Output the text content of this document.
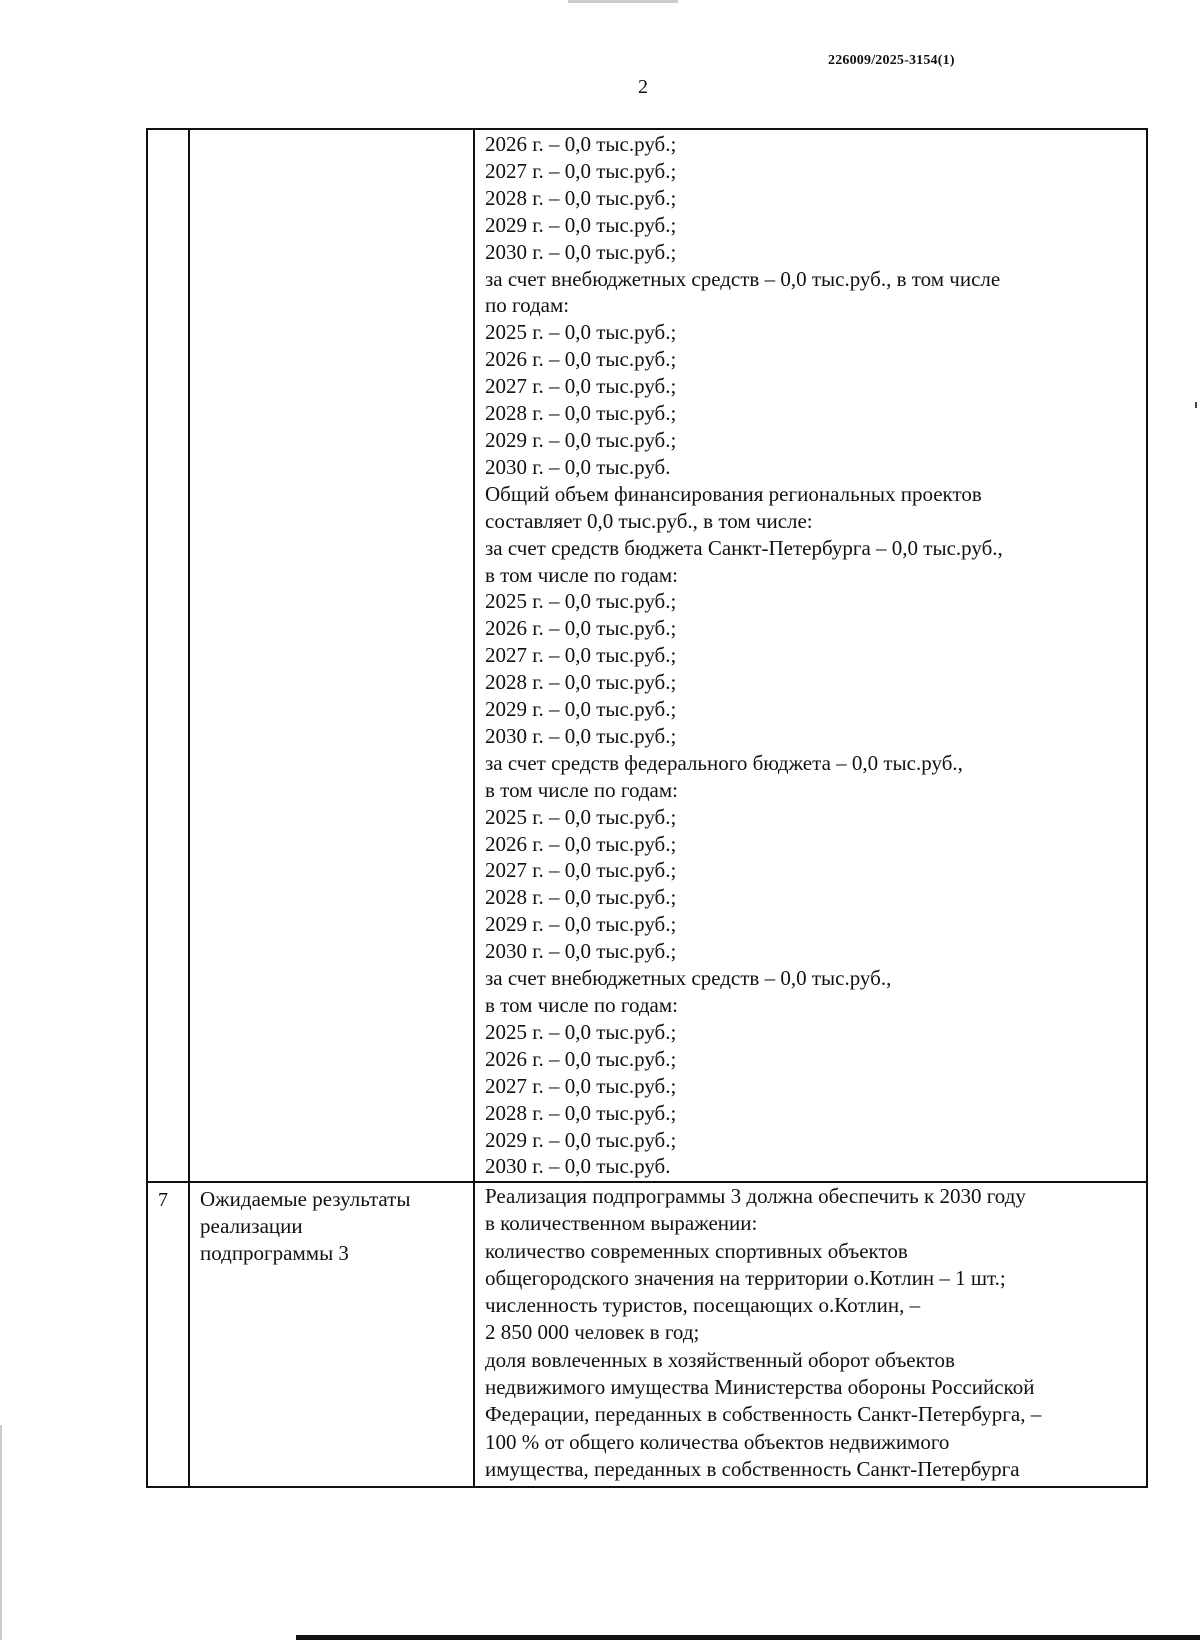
226009/2025-3154(1)
2
2026 г. – 0,0 тыс.руб.;
2027 г. – 0,0 тыс.руб.;
2028 г. – 0,0 тыс.руб.;
2029 г. – 0,0 тыс.руб.;
2030 г. – 0,0 тыс.руб.;
за счет внебюджетных средств – 0,0 тыс.руб., в том числе
по годам:
2025 г. – 0,0 тыс.руб.;
2026 г. – 0,0 тыс.руб.;
2027 г. – 0,0 тыс.руб.;
2028 г. – 0,0 тыс.руб.;
2029 г. – 0,0 тыс.руб.;
2030 г. – 0,0 тыс.руб.
Общий объем финансирования региональных проектов
составляет 0,0 тыс.руб., в том числе:
за счет средств бюджета Санкт-Петербурга – 0,0 тыс.руб.,
в том числе по годам:
2025 г. – 0,0 тыс.руб.;
2026 г. – 0,0 тыс.руб.;
2027 г. – 0,0 тыс.руб.;
2028 г. – 0,0 тыс.руб.;
2029 г. – 0,0 тыс.руб.;
2030 г. – 0,0 тыс.руб.;
за счет средств федерального бюджета – 0,0 тыс.руб.,
в том числе по годам:
2025 г. – 0,0 тыс.руб.;
2026 г. – 0,0 тыс.руб.;
2027 г. – 0,0 тыс.руб.;
2028 г. – 0,0 тыс.руб.;
2029 г. – 0,0 тыс.руб.;
2030 г. – 0,0 тыс.руб.;
за счет внебюджетных средств – 0,0 тыс.руб.,
в том числе по годам:
2025 г. – 0,0 тыс.руб.;
2026 г. – 0,0 тыс.руб.;
2027 г. – 0,0 тыс.руб.;
2028 г. – 0,0 тыс.руб.;
2029 г. – 0,0 тыс.руб.;
2030 г. – 0,0 тыс.руб.
7	Ожидаемые результаты
реализации
подпрограммы 3
Реализация подпрограммы 3 должна обеспечить к 2030 году
в количественном выражении:
количество современных спортивных объектов
общегородского значения на территории о.Котлин – 1 шт.;
численность туристов, посещающих о.Котлин, –
2 850 000 человек в год;
доля вовлеченных в хозяйственный оборот объектов
недвижимого имущества Министерства обороны Российской
Федерации, переданных в собственность Санкт-Петербурга, –
100 % от общего количества объектов недвижимого
имущества, переданных в собственность Санкт-Петербурга
